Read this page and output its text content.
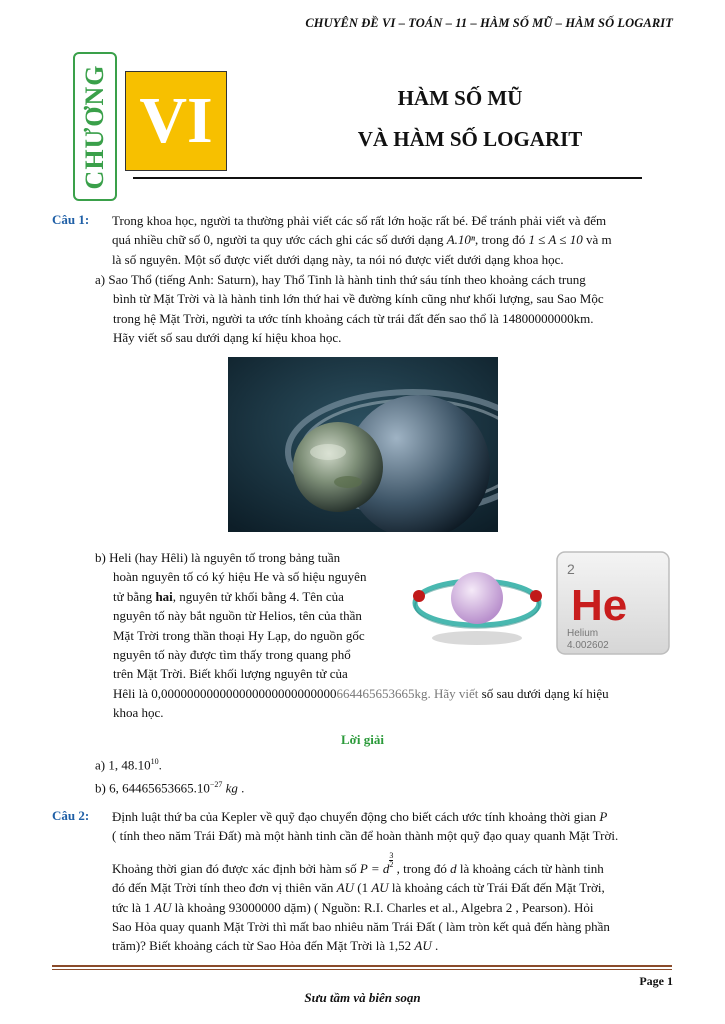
CHUYÊN ĐỀ VI – TOÁN – 11 – HÀM SỐ MŨ – HÀM SỐ LOGARIT
CHƯƠNG VI	HÀM SỐ MŨ
VÀ HÀM SỐ LOGARIT
Câu 1: Trong khoa học, người ta thường phải viết các số rất lớn hoặc rất bé. Để tránh phải viết và đếm

quá nhiều chữ số 0, người ta quy ước cách ghi các số dưới dạng A.10ⁿ, trong đó 1 ≤ A ≤ 10 và m

là số nguyên. Một số được viết dưới dạng này, ta nói nó được viết dưới dạng khoa học.

a) Sao Thổ (tiếng Anh: Saturn), hay Thổ Tinh là hành tinh thứ sáu tính theo khoảng cách trung

bình từ Mặt Trời và là hành tinh lớn thứ hai về đường kính cũng như khối lượng, sau Sao Mộc

trong hệ Mặt Trời, người ta ước tính khoảng cách từ trái đất đến sao thổ là 14800000000km.

Hãy viết số sau dưới dạng kí hiệu khoa học.

b) Heli (hay Hêli) là nguyên tố trong bảng tuần

hoàn nguyên tố có ký hiệu He và số hiệu nguyên

tử bằng hai, nguyên tử khối bằng 4. Tên của

nguyên tố này bắt nguồn từ Helios, tên của thần

Mặt Trời trong thần thoại Hy Lạp, do nguồn gốc

nguyên tố này được tìm thấy trong quang phổ

trên Mặt Trời. Biết khối lượng nguyên tử của

Hêli là 0,000000000000000000000000000664465653665kg. Hãy viết số sau dưới dạng kí hiệu

khoa học.

2
He
Helium
4.002602
Lời giải
a) 1, 48.10$^{10}$.
b) 6, $64465653665.10^{-27}$ kg .
Câu 2: Định luật thứ ba của Kepler về quỹ đạo chuyển động cho biết cách ước tính khoảng thời gian P

( tính theo năm Trái Đất) mà một hành tinh cần để hoàn thành một quỹ đạo quay quanh Mặt Trời.

Khoảng thời gian đó được xác định bởi hàm số P = d $\frac{3}{2}$ , trong đó d là khoảng cách từ hành tinh

đó đến Mặt Trời tính theo đơn vị thiên văn AU (1 AU là khoảng cách từ Trái Đất đến Mặt Trời,

tức là 1 AU là khoảng 93000000 dặm) ( Nguồn: R.I. Charles et al., Algebra 2 , Pearson). Hỏi

Sao Hỏa quay quanh Mặt Trời thì mất bao nhiêu năm Trái Đất ( làm tròn kết quả đến hàng phần

trăm)? Biết khoảng cách từ Sao Hỏa đến Mặt Trời là 1,52 AU .

Page 1
Sưu tầm và biên soạn
